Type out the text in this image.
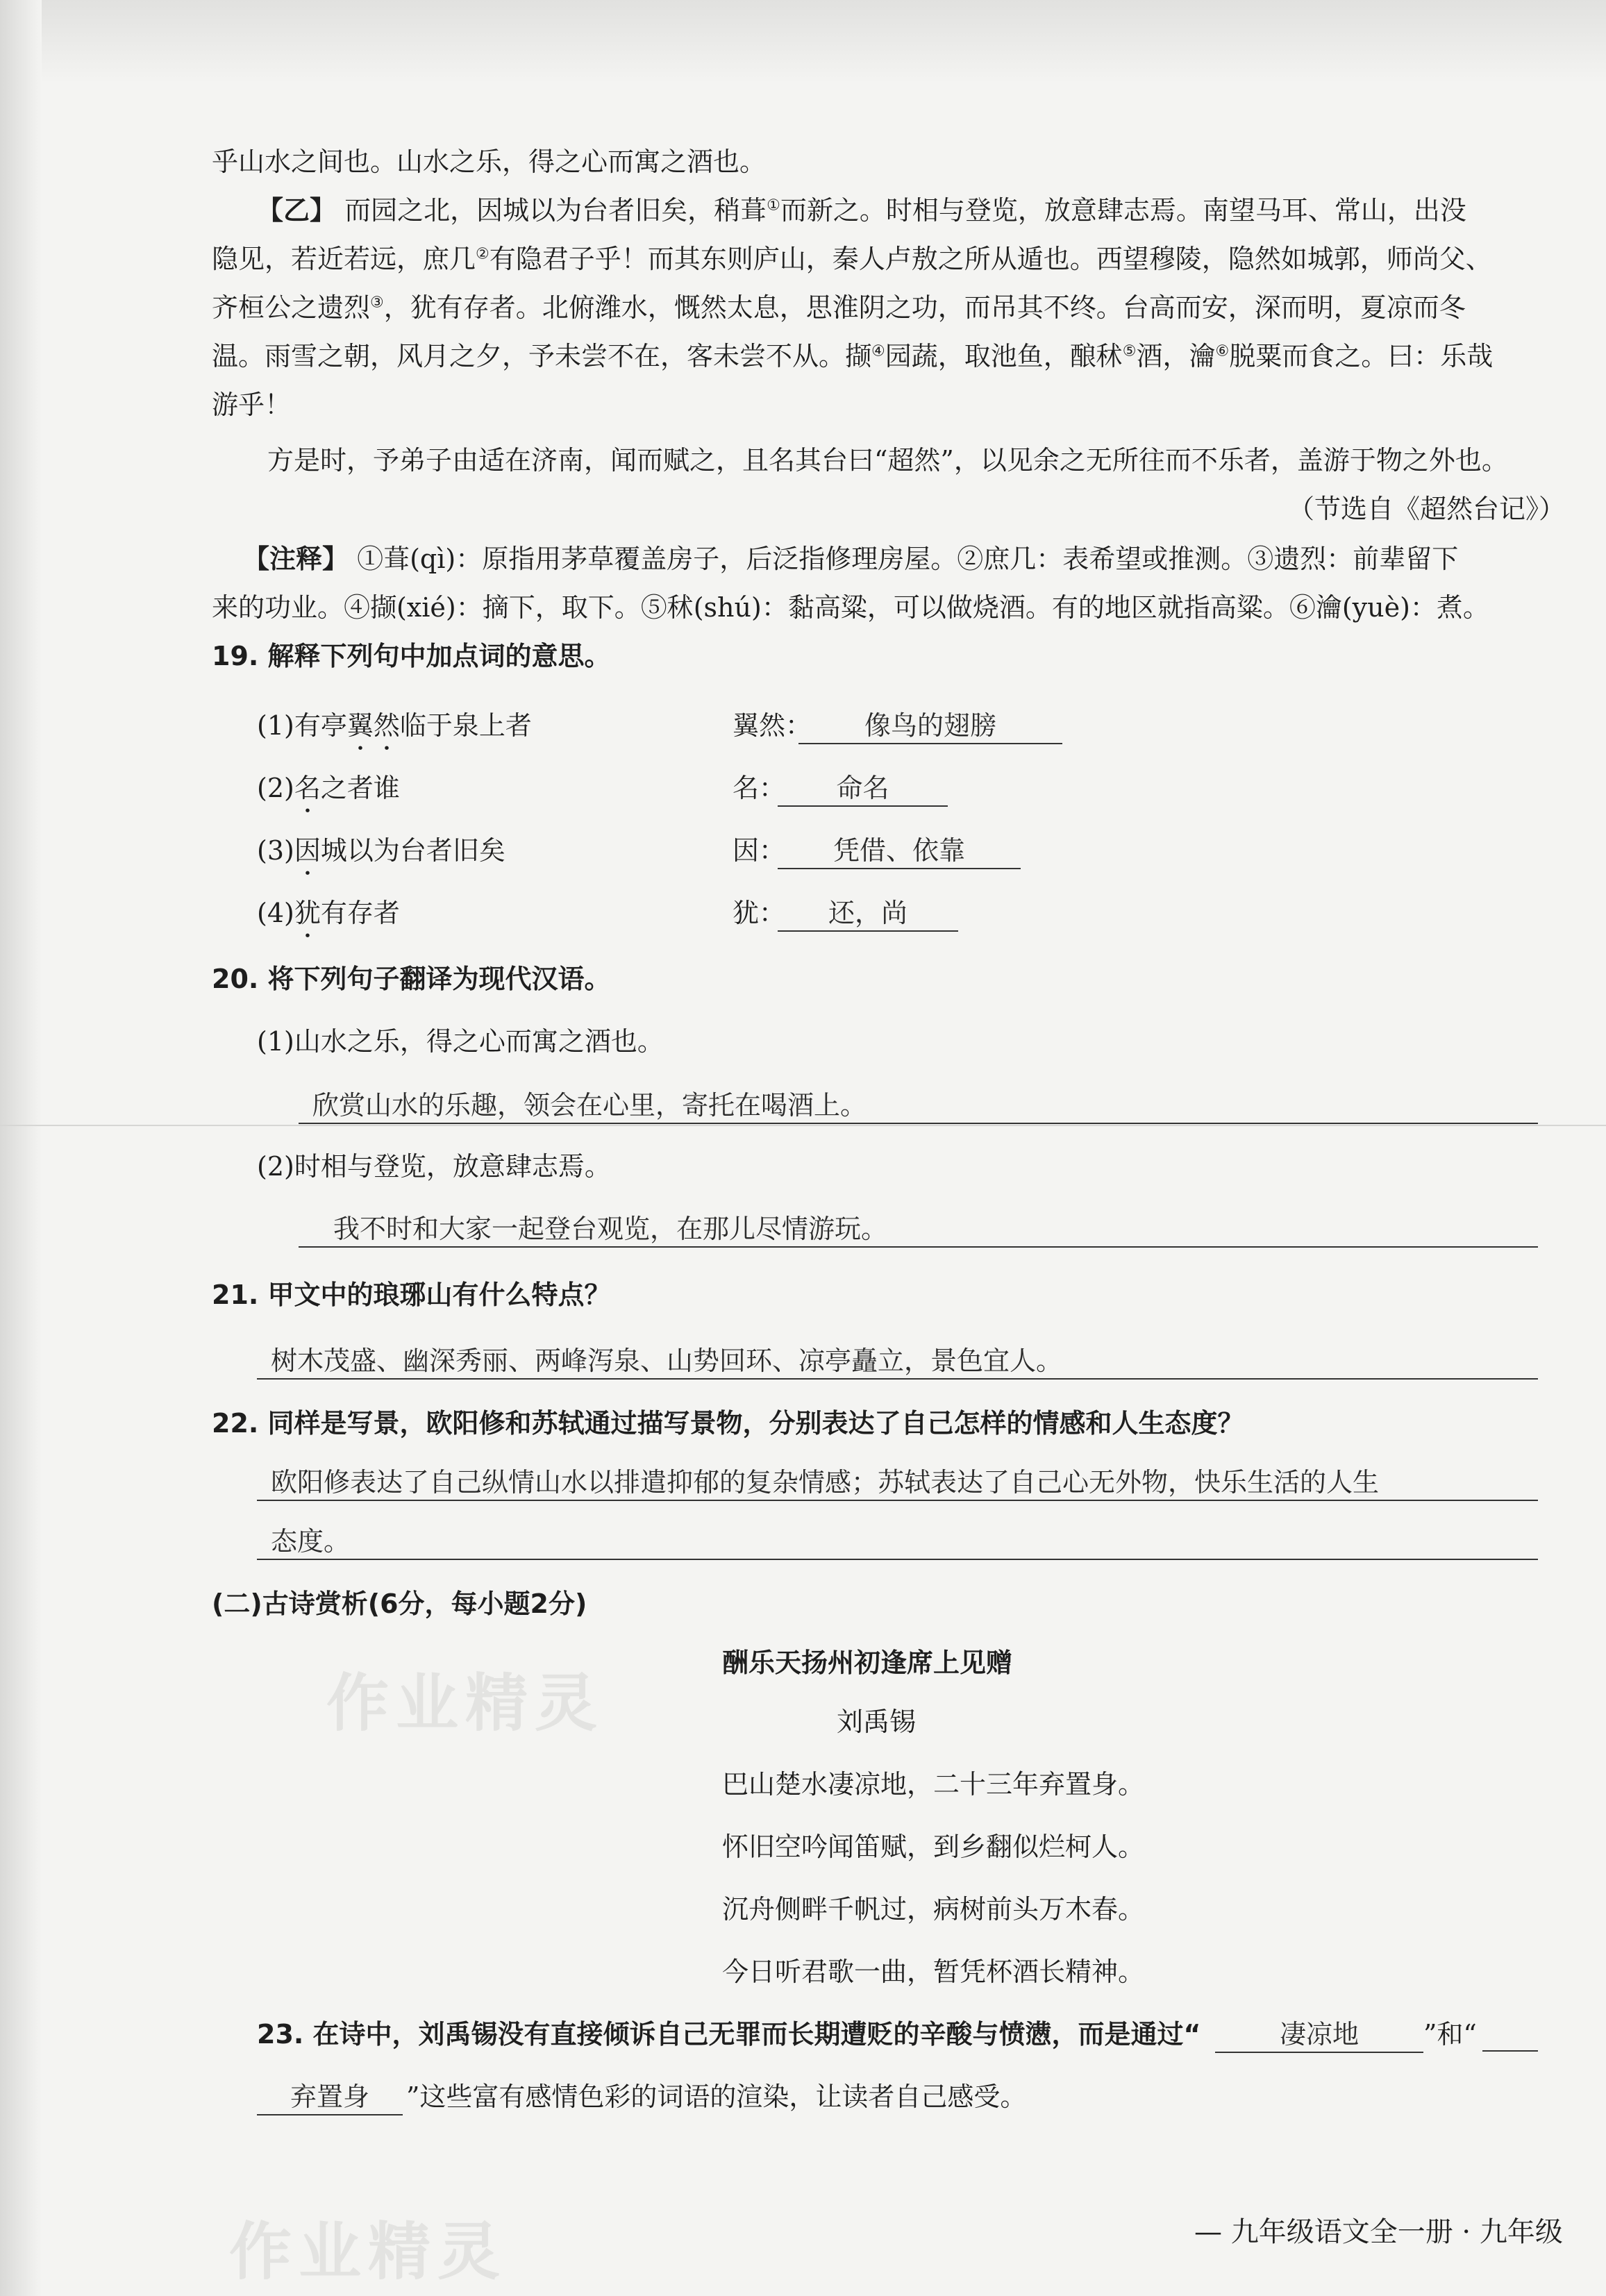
作业精灵
作业精灵
乎山水之间也。山水之乐，得之心而寓之酒也。
【乙】 而园之北，因城以为台者旧矣，稍葺①而新之。时相与登览，放意肆志焉。南望马耳、常山，出没
隐见，若近若远，庶几②有隐君子乎！而其东则庐山，秦人卢敖之所从遁也。西望穆陵，隐然如城郭，师尚父、
齐桓公之遗烈③，犹有存者。北俯潍水，慨然太息，思淮阴之功，而吊其不终。台高而安，深而明，夏凉而冬
温。雨雪之朝，风月之夕，予未尝不在，客未尝不从。撷④园蔬，取池鱼，酿秫⑤酒，瀹⑥脱粟而食之。曰：乐哉
游乎！
方是时，予弟子由适在济南，闻而赋之，且名其台曰“超然”，以见余之无所往而不乐者，盖游于物之外也。
（节选自《超然台记》）
【注释】 ①葺(qì)：原指用茅草覆盖房子，后泛指修理房屋。②庶几：表希望或推测。③遗烈：前辈留下
来的功业。④撷(xié)：摘下，取下。⑤秫(shú)：黏高粱，可以做烧酒。有的地区就指高粱。⑥瀹(yuè)：煮。
19. 解释下列句中加点词的意思。
(1)有亭翼然临于泉上者	翼然：	像鸟的翅膀
(2)名之者谁	名：	命名
(3)因城以为台者旧矣	因：	凭借、依靠
(4)犹有存者	犹：	还，尚
20. 将下列句子翻译为现代汉语。
(1)山水之乐，得之心而寓之酒也。
欣赏山水的乐趣，领会在心里，寄托在喝酒上。
(2)时相与登览，放意肆志焉。
我不时和大家一起登台观览，在那儿尽情游玩。
21. 甲文中的琅琊山有什么特点？
树木茂盛、幽深秀丽、两峰泻泉、山势回环、凉亭矗立，景色宜人。
22. 同样是写景，欧阳修和苏轼通过描写景物，分别表达了自己怎样的情感和人生态度？
欧阳修表达了自己纵情山水以排遣抑郁的复杂情感；苏轼表达了自己心无外物，快乐生活的人生
态度。
(二)古诗赏析(6分，每小题2分)
酬乐天扬州初逢席上见赠
刘禹锡
巴山楚水凄凉地，二十三年弃置身。
怀旧空吟闻笛赋，到乡翻似烂柯人。
沉舟侧畔千帆过，病树前头万木春。
今日听君歌一曲，暂凭杯酒长精神。
23. 在诗中，刘禹锡没有直接倾诉自己无罪而长期遭贬的辛酸与愤懑，而是通过“	凄凉地	”和“
弃置身	”这些富有感情色彩的词语的渲染，让读者自己感受。
— 九年级语文全一册 · 九年级
